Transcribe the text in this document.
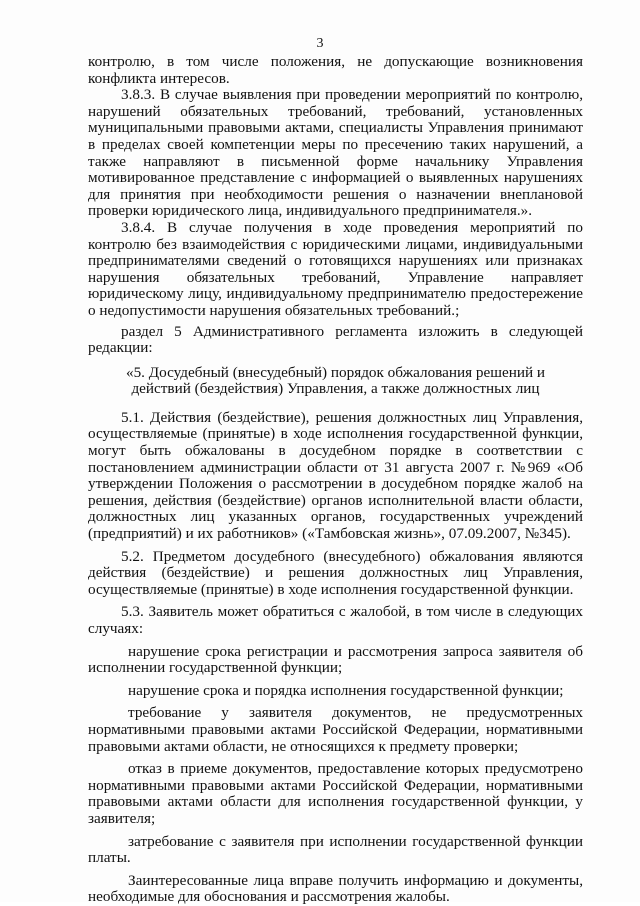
3

контролю, в том числе положения, не допускающие возникновения конфликта интересов.

3.8.3. В случае выявления при проведении мероприятий по контролю, нарушений обязательных требований, требований, установленных муниципальными правовыми актами, специалисты Управления принимают в пределах своей компетенции меры по пресечению таких нарушений, а также направляют в письменной форме начальнику Управления мотивированное представление с информацией о выявленных нарушениях для принятия при необходимости решения о назначении внеплановой проверки юридического лица, индивидуального предпринимателя.».

3.8.4. В случае получения в ходе проведения мероприятий по контролю без взаимодействия с юридическими лицами, индивидуальными предпринимателями сведений о готовящихся нарушениях или признаках нарушения обязательных требований, Управление направляет юридическому лицу, индивидуальному предпринимателю предостережение о недопустимости нарушения обязательных требований.;

раздел 5 Административного регламента изложить в следующей редакции:

«5. Досудебный (внесудебный) порядок обжалования решений и действий (бездействия) Управления, а также должностных лиц

5.1. Действия (бездействие), решения должностных лиц Управления, осуществляемые (принятые) в ходе исполнения государственной функции, могут быть обжалованы в досудебном порядке в соответствии с постановлением администрации области от 31 августа 2007 г. №969 «Об утверждении Положения о рассмотрении в досудебном порядке жалоб на решения, действия (бездействие) органов исполнительной власти области, должностных лиц указанных органов, государственных учреждений (предприятий) и их работников» («Тамбовская жизнь», 07.09.2007, №345).

5.2. Предметом досудебного (внесудебного) обжалования являются действия (бездействие) и решения должностных лиц Управления, осуществляемые (принятые) в ходе исполнения государственной функции.

5.3. Заявитель может обратиться с жалобой, в том числе в следующих случаях:

нарушение срока регистрации и рассмотрения запроса заявителя об исполнении государственной функции;

нарушение срока и порядка исполнения государственной функции;

требование у заявителя документов, не предусмотренных нормативными правовыми актами Российской Федерации, нормативными правовыми актами области, не относящихся к предмету проверки;

отказ в приеме документов, предоставление которых предусмотрено нормативными правовыми актами Российской Федерации, нормативными правовыми актами области для исполнения государственной функции, у заявителя;

затребование с заявителя при исполнении государственной функции платы.

Заинтересованные лица вправе получить информацию и документы, необходимые для обоснования и рассмотрения жалобы.
